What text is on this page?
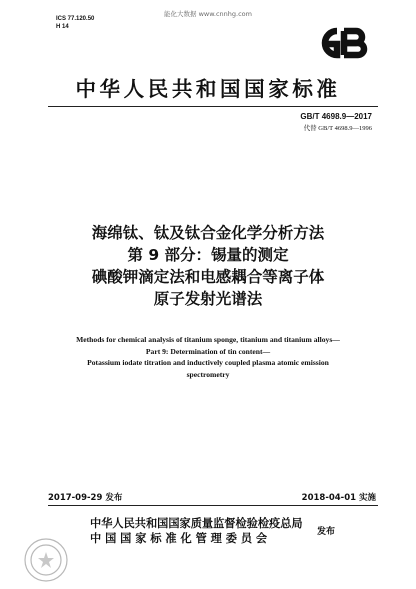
ICS 77.120.50
H 14
能化大数据 www.cnnhg.com
中华人民共和国国家标准
GB/T 4698.9—2017
代替 GB/T 4698.9—1996
海绵钛、钛及钛合金化学分析方法
第 9 部分：锡量的测定
碘酸钾滴定法和电感耦合等离子体
原子发射光谱法
Methods for chemical analysis of titanium sponge, titanium and titanium alloys—
Part 9: Determination of tin content—
Potassium iodate titration and inductively coupled plasma atomic emission
spectrometry
2017-09-29 发布	2018-04-01 实施
中华人民共和国国家质量监督检验检疫总局
中 国 国 家 标 准 化 管 理 委 员 会	发布
